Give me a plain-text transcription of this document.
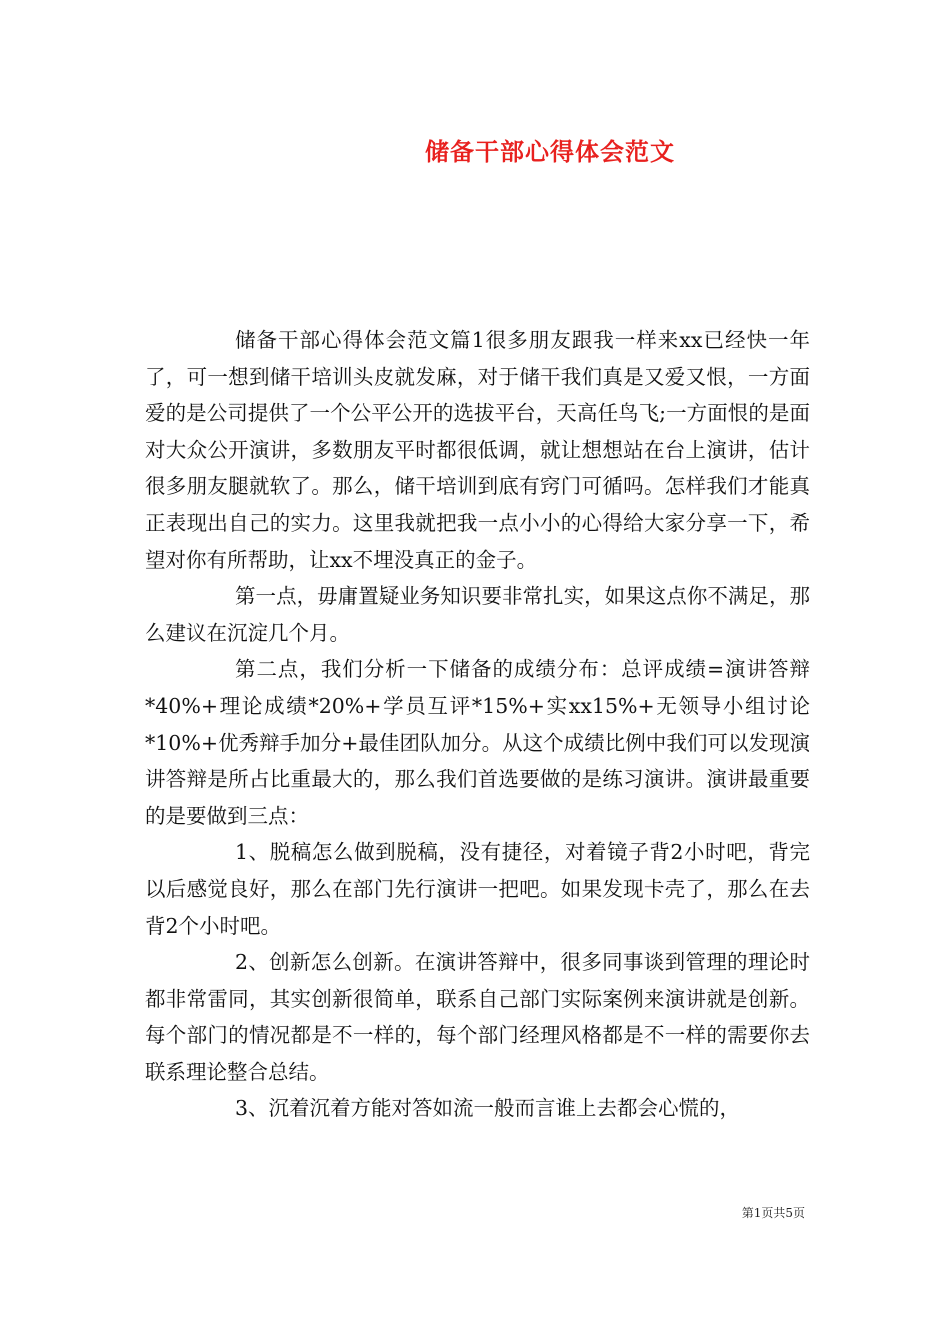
储备干部心得体会范文

储备干部心得体会范文篇1很多朋友跟我一样来xx已经快一年了，可一想到储干培训头皮就发麻，对于储干我们真是又爱又恨，一方面爱的是公司提供了一个公平公开的选拔平台，天高任鸟飞;一方面恨的是面对大众公开演讲，多数朋友平时都很低调，就让想想站在台上演讲，估计很多朋友腿就软了。那么，储干培训到底有窍门可循吗。怎样我们才能真正表现出自己的实力。这里我就把我一点小小的心得给大家分享一下，希望对你有所帮助，让xx不埋没真正的金子。

第一点，毋庸置疑业务知识要非常扎实，如果这点你不满足，那么建议在沉淀几个月。

第二点，我们分析一下储备的成绩分布：总评成绩=演讲答辩*40%+理论成绩*20%+学员互评*15%+实xx15%+无领导小组讨论*10%+优秀辩手加分+最佳团队加分。从这个成绩比例中我们可以发现演讲答辩是所占比重最大的，那么我们首选要做的是练习演讲。演讲最重要的是要做到三点：

1、脱稿怎么做到脱稿，没有捷径，对着镜子背2小时吧，背完以后感觉良好，那么在部门先行演讲一把吧。如果发现卡壳了，那么在去背2个小时吧。

2、创新怎么创新。在演讲答辩中，很多同事谈到管理的理论时都非常雷同，其实创新很简单，联系自己部门实际案例来演讲就是创新。每个部门的情况都是不一样的，每个部门经理风格都是不一样的需要你去联系理论整合总结。

3、沉着沉着方能对答如流一般而言谁上去都会心慌的，

第1页共5页
